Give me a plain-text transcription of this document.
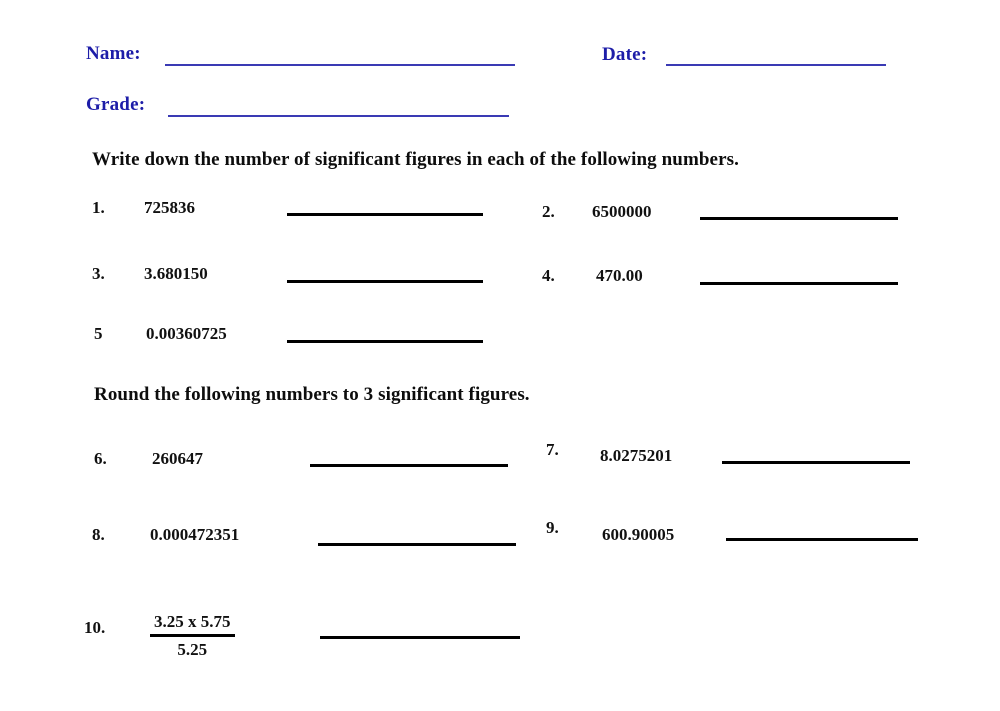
Name:	Date:
Grade:
Write down the number of significant figures in each of the following numbers.
1. 725836	2. 6500000
3. 3.680150	4. 470.00
5	0.00360725
Round the following numbers to 3 significant figures.
6.	260647	7. 8.0275201
8.	0.000472351	9.	600.90005
10.	3.25 x 5.75
5.25
